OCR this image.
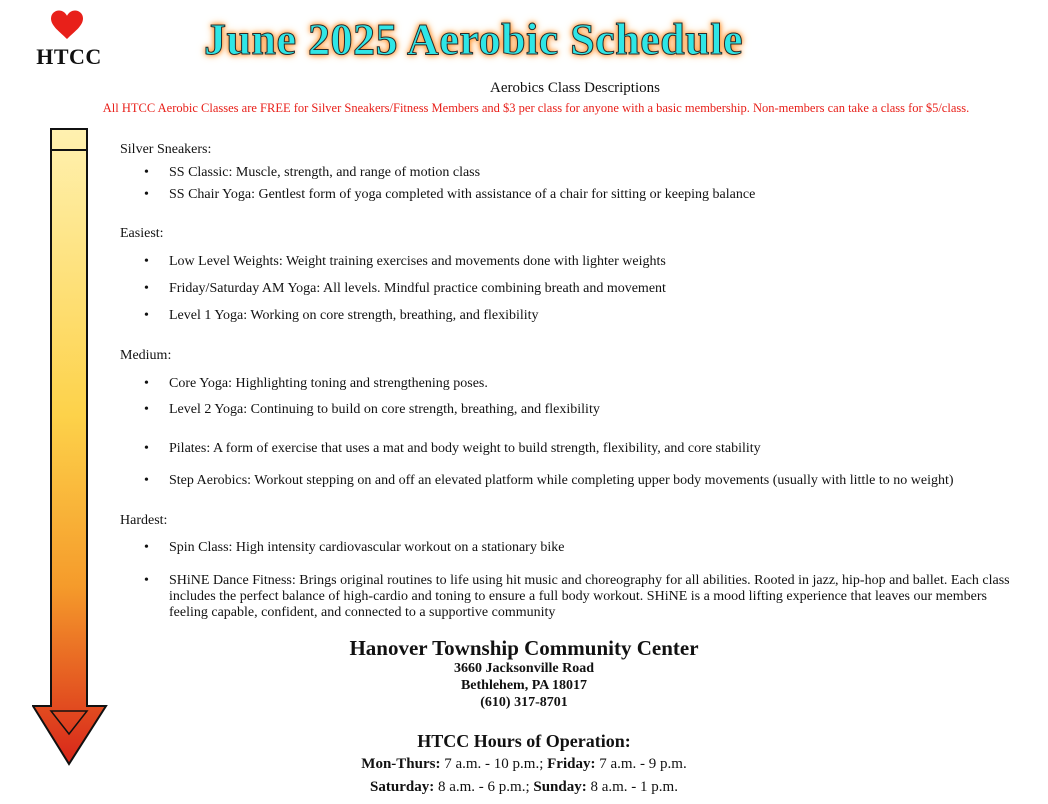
HTCC June 2025 Aerobic Schedule
Aerobics Class Descriptions
All HTCC Aerobic Classes are FREE for Silver Sneakers/Fitness Members and $3 per class for anyone with a basic membership. Non-members can take a class for $5/class.
Silver Sneakers:
• SS Classic: Muscle, strength, and range of motion class
• SS Chair Yoga: Gentlest form of yoga completed with assistance of a chair for sitting or keeping balance
Easiest:
• Low Level Weights: Weight training exercises and movements done with lighter weights
• Friday/Saturday AM Yoga: All levels. Mindful practice combining breath and movement
• Level 1 Yoga: Working on core strength, breathing, and flexibility
Medium:
• Core Yoga: Highlighting toning and strengthening poses.
• Level 2 Yoga: Continuing to build on core strength, breathing, and flexibility
• Pilates: A form of exercise that uses a mat and body weight to build strength, flexibility, and core stability
• Step Aerobics: Workout stepping on and off an elevated platform while completing upper body movements (usually with little to no weight)
Hardest:
• Spin Class: High intensity cardiovascular workout on a stationary bike
• SHiNE Dance Fitness: Brings original routines to life using hit music and choreography for all abilities. Rooted in jazz, hip-hop and ballet. Each class includes the perfect balance of high-cardio and toning to ensure a full body workout. SHiNE is a mood lifting experience that leaves our members feeling capable, confident, and connected to a supportive community
Hanover Township Community Center
3660 Jacksonville Road
Bethlehem, PA 18017
(610) 317-8701
HTCC Hours of Operation:
Mon-Thurs: 7 a.m. - 10 p.m.; Friday: 7 a.m. - 9 p.m.
Saturday: 8 a.m. - 6 p.m.; Sunday: 8 a.m. - 1 p.m.
